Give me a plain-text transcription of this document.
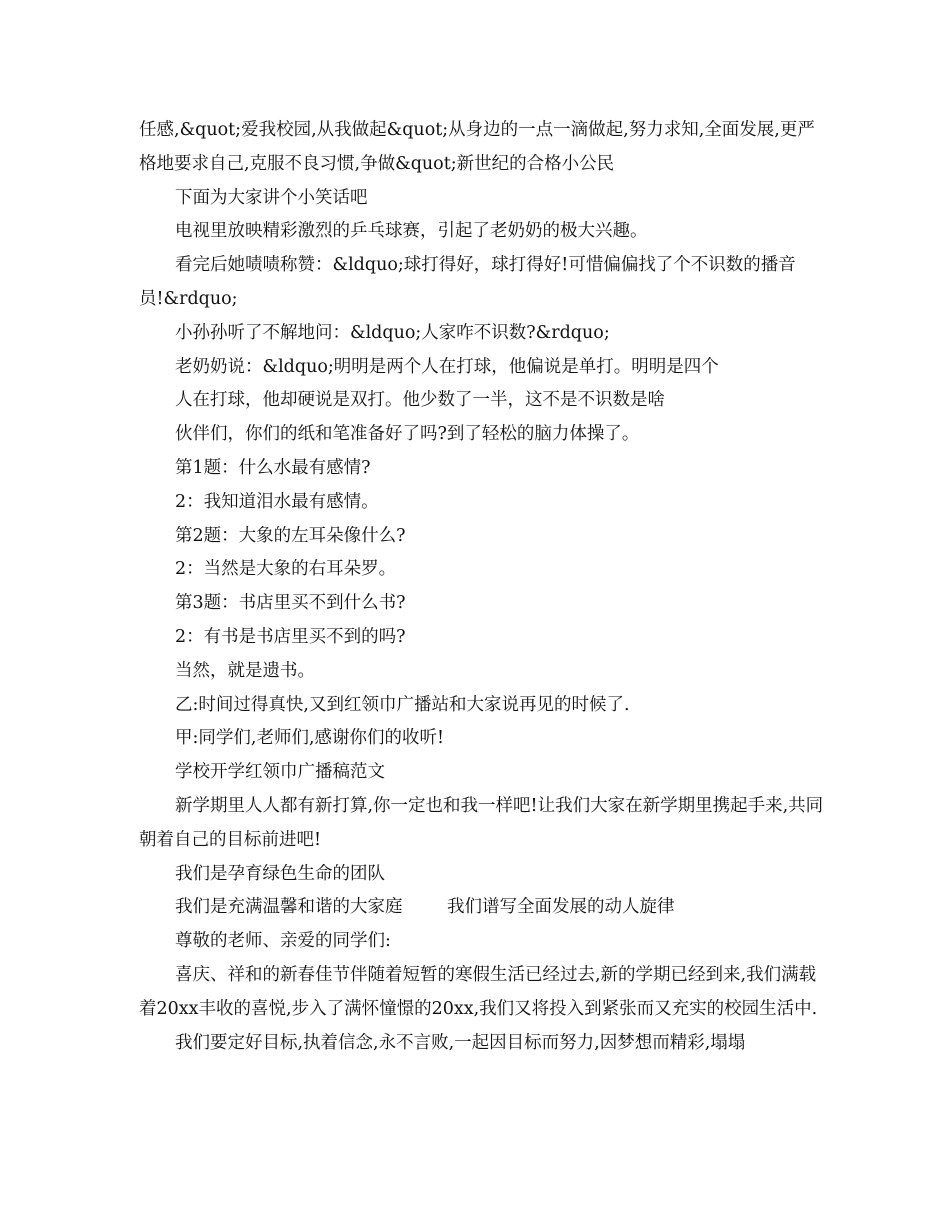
任感,&quot;爱我校园,从我做起&quot;从身边的一点一滴做起,努力求知,全面发展,更严格地要求自己,克服不良习惯,争做&quot;新世纪的合格小公民

下面为大家讲个小笑话吧

电视里放映精彩激烈的乒乓球赛，引起了老奶奶的极大兴趣。

看完后她啧啧称赞：&ldquo;球打得好，球打得好!可惜偏偏找了个不识数的播音员!&rdquo;

小孙孙听了不解地问：&ldquo;人家咋不识数?&rdquo;

老奶奶说：&ldquo;明明是两个人在打球，他偏说是单打。明明是四个

人在打球，他却硬说是双打。他少数了一半，这不是不识数是啥

伙伴们，你们的纸和笔准备好了吗?到了轻松的脑力体操了。

第1题：什么水最有感情?

2：我知道泪水最有感情。

第2题：大象的左耳朵像什么?

2：当然是大象的右耳朵罗。

第3题：书店里买不到什么书?

2：有书是书店里买不到的吗?

当然，就是遗书。

乙:时间过得真快,又到红领巾广播站和大家说再见的时候了.

甲:同学们,老师们,感谢你们的收听!

学校开学红领巾广播稿范文

新学期里人人都有新打算,你一定也和我一样吧!让我们大家在新学期里携起手来,共同朝着自己的目标前进吧!

我们是孕育绿色生命的团队

我们是充满温馨和谐的大家庭        我们谱写全面发展的动人旋律

尊敬的老师、亲爱的同学们:

喜庆、祥和的新春佳节伴随着短暂的寒假生活已经过去,新的学期已经到来,我们满载着20xx丰收的喜悦,步入了满怀憧憬的20xx,我们又将投入到紧张而又充实的校园生活中.

我们要定好目标,执着信念,永不言败,一起因目标而努力,因梦想而精彩,塌塌
